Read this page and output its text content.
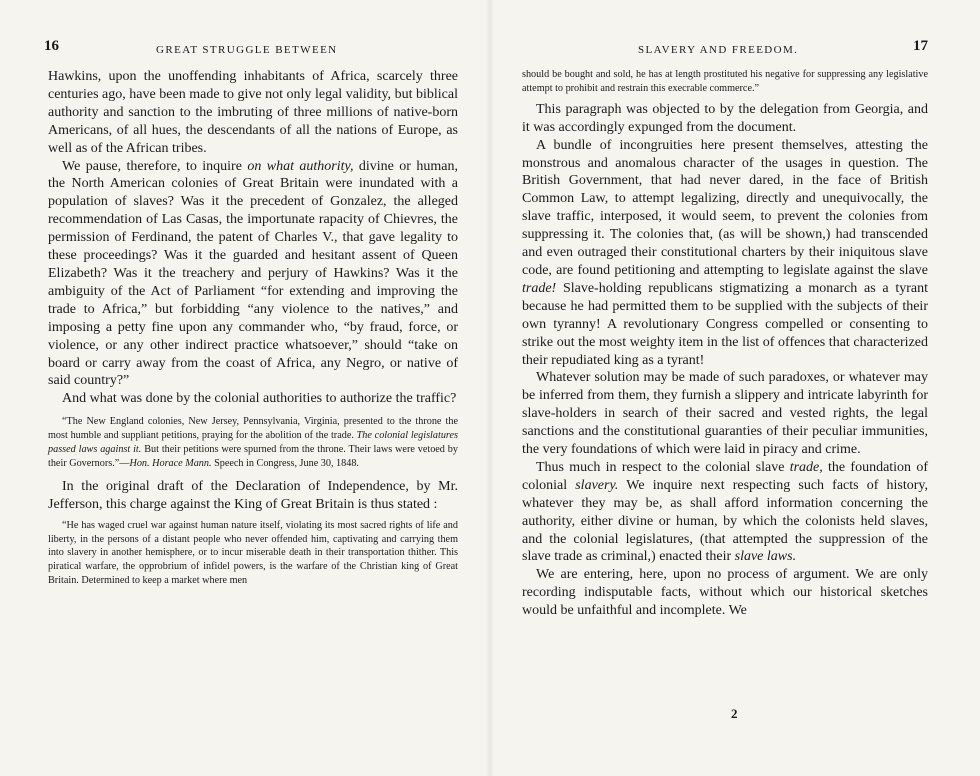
16	GREAT STRUGGLE BETWEEN

Hawkins, upon the unoffending inhabitants of Africa, scarcely three centuries ago, have been made to give not only legal validity, but biblical authority and sanction to the imbruting of three millions of native-born Americans, of all hues, the descendants of all the nations of Europe, as well as of the African tribes.

We pause, therefore, to inquire on what authority, divine or human, the North American colonies of Great Britain were inundated with a population of slaves? Was it the precedent of Gonzalez, the alleged recommendation of Las Casas, the importunate rapacity of Chievres, the permission of Ferdinand, the patent of Charles V., that gave legality to these proceedings? Was it the guarded and hesitant assent of Queen Elizabeth? Was it the treachery and perjury of Hawkins? Was it the ambiguity of the Act of Parliament “for extending and improving the trade to Africa,” but forbidding “any violence to the natives,” and imposing a petty fine upon any commander who, “by fraud, force, or violence, or any other indirect practice whatsoever,” should “take on board or carry away from the coast of Africa, any Negro, or native of said country?”

And what was done by the colonial authorities to authorize the traffic?

“The New England colonies, New Jersey, Pennsylvania, Virginia, presented to the throne the most humble and suppliant petitions, praying for the abolition of the trade. The colonial legislatures passed laws against it. But their petitions were spurned from the throne. Their laws were vetoed by their Governors.”—Hon. Horace Mann. Speech in Congress, June 30, 1848.

In the original draft of the Declaration of Independence, by Mr. Jefferson, this charge against the King of Great Britain is thus stated :

“He has waged cruel war against human nature itself, violating its most sacred rights of life and liberty, in the persons of a distant people who never offended him, captivating and carrying them into slavery in another hemisphere, or to incur miserable death in their transportation thither. This piratical warfare, the opprobrium of infidel powers, is the warfare of the Christian king of Great Britain. Determined to keep a market where men

SLAVERY AND FREEDOM.	17

should be bought and sold, he has at length prostituted his negative for suppressing any legislative attempt to prohibit and restrain this execrable commerce.”

This paragraph was objected to by the delegation from Georgia, and it was accordingly expunged from the document.

A bundle of incongruities here present themselves, attesting the monstrous and anomalous character of the usages in question. The British Government, that had never dared, in the face of British Common Law, to attempt legalizing, directly and unequivocally, the slave traffic, interposed, it would seem, to prevent the colonies from suppressing it. The colonies that, (as will be shown,) had transcended and even outraged their constitutional charters by their iniquitous slave code, are found petitioning and attempting to legislate against the slave trade! Slave-holding republicans stigmatizing a monarch as a tyrant because he had permitted them to be supplied with the subjects of their own tyranny! A revolutionary Congress compelled or consenting to strike out the most weighty item in the list of offences that characterized their repudiated king as a tyrant!

Whatever solution may be made of such paradoxes, or whatever may be inferred from them, they furnish a slippery and intricate labyrinth for slave-holders in search of their sacred and vested rights, the legal sanctions and the constitutional guaranties of their peculiar immunities, the very foundations of which were laid in piracy and crime.

Thus much in respect to the colonial slave trade, the foundation of colonial slavery. We inquire next respecting such facts of history, whatever they may be, as shall afford information concerning the authority, either divine or human, by which the colonists held slaves, and the colonial legislatures, (that attempted the suppression of the slave trade as criminal,) enacted their slave laws.

We are entering, here, upon no process of argument. We are only recording indisputable facts, without which our historical sketches would be unfaithful and incomplete. We

2
